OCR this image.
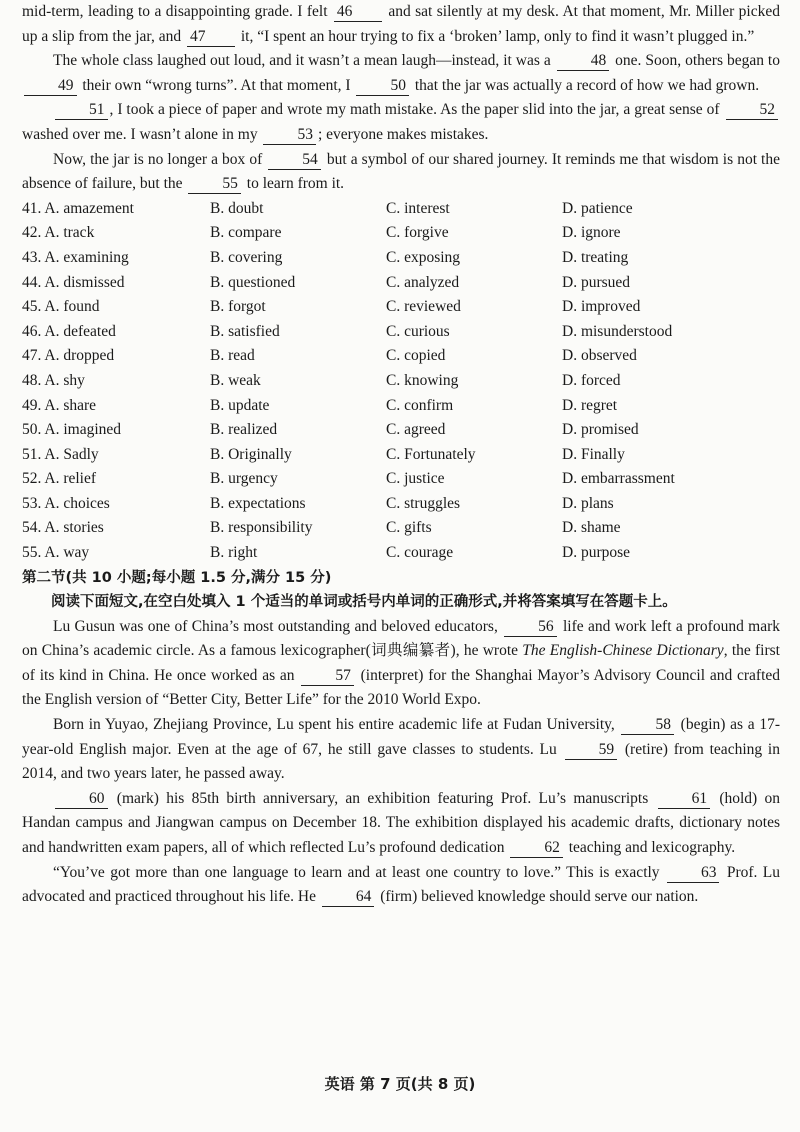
mid-term, leading to a disappointing grade. I felt 46 and sat silently at my desk. At that moment, Mr. Miller picked up a slip from the jar, and 47 it, “I spent an hour trying to fix a ‘broken’ lamp, only to find it wasn’t plugged in.”

The whole class laughed out loud, and it wasn’t a mean laugh—instead, it was a 48 one. Soon, others began to 49 their own “wrong turns”. At that moment, I 50 that the jar was actually a record of how we had grown.

51 , I took a piece of paper and wrote my math mistake. As the paper slid into the jar, a great sense of 52 washed over me. I wasn’t alone in my 53 ; everyone makes mistakes.

Now, the jar is no longer a box of 54 but a symbol of our shared journey. It reminds me that wisdom is not the absence of failure, but the 55 to learn from it.

41. A. amazement	B. doubt	C. interest	D. patience
42. A. track	B. compare	C. forgive	D. ignore
43. A. examining	B. covering	C. exposing	D. treating
44. A. dismissed	B. questioned	C. analyzed	D. pursued
45. A. found	B. forgot	C. reviewed	D. improved
46. A. defeated	B. satisfied	C. curious	D. misunderstood
47. A. dropped	B. read	C. copied	D. observed
48. A. shy	B. weak	C. knowing	D. forced
49. A. share	B. update	C. confirm	D. regret
50. A. imagined	B. realized	C. agreed	D. promised
51. A. Sadly	B. Originally	C. Fortunately	D. Finally
52. A. relief	B. urgency	C. justice	D. embarrassment
53. A. choices	B. expectations	C. struggles	D. plans
54. A. stories	B. responsibility	C. gifts	D. shame
55. A. way	B. right	C. courage	D. purpose

第二节(共 10 小题;每小题 1.5 分,满分 15 分)

阅读下面短文,在空白处填入 1 个适当的单词或括号内单词的正确形式,并将答案填写在答题卡上。

Lu Gusun was one of China’s most outstanding and beloved educators, 56 life and work left a profound mark on China’s academic circle. As a famous lexicographer(词典编纂者), he wrote The English-Chinese Dictionary, the first of its kind in China. He once worked as an 57 (interpret) for the Shanghai Mayor’s Advisory Council and crafted the English version of “Better City, Better Life” for the 2010 World Expo.

Born in Yuyao, Zhejiang Province, Lu spent his entire academic life at Fudan University, 58 (begin) as a 17-year-old English major. Even at the age of 67, he still gave classes to students. Lu 59 (retire) from teaching in 2014, and two years later, he passed away.

60 (mark) his 85th birth anniversary, an exhibition featuring Prof. Lu’s manuscripts 61 (hold) on Handan campus and Jiangwan campus on December 18. The exhibition displayed his academic drafts, dictionary notes and handwritten exam papers, all of which reflected Lu’s profound dedication 62 teaching and lexicography.

“You’ve got more than one language to learn and at least one country to love.” This is exactly 63 Prof. Lu advocated and practiced throughout his life. He 64 (firm) believed knowledge should serve our nation.

英语 第 7 页(共 8 页)
